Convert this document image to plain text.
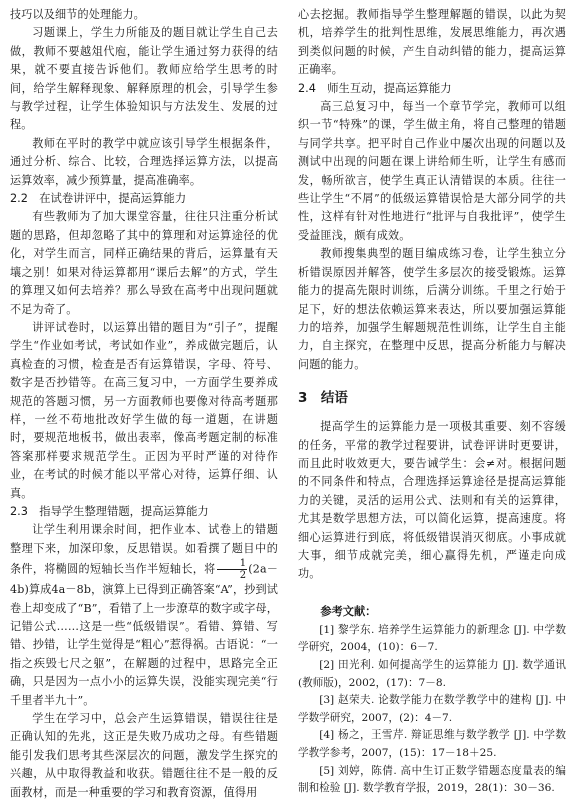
技巧以及细节的处理能力。

习题课上，学生力所能及的题目就让学生自己去做，教师不要越俎代庖，能让学生通过努力获得的结果，就不要直接告诉他们。教师应给学生思考的时间，给学生解释现象、解释原理的机会，引导学生参与教学过程，让学生体验知识与方法发生、发展的过程。

教师在平时的教学中就应该引导学生根据条件，通过分析、综合、比较，合理选择运算方法，以提高运算效率，减少预算量，提高准确率。

2.2　在试卷讲评中，提高运算能力

有些教师为了加大课堂容量，往往只注重分析试题的思路，但却忽略了其中的算理和对运算途径的优化，对学生而言，同样正确结果的背后，运算量有天壤之别！如果对待运算都用“课后去解”的方式，学生的算理又如何去培养？那么导致在高考中出现问题就不足为奇了。

讲评试卷时，以运算出错的题目为“引子”，提醒学生“作业如考试，考试如作业”，养成做完题后，认真检查的习惯，检查是否有运算错误，字母、符号、数字是否抄错等。在高三复习中，一方面学生要养成规范的答题习惯，另一方面教师也要像对待高考题那样，一丝不苟地批改好学生做的每一道题，在讲题时，要规范地板书，做出表率，像高考题定制的标准答案那样要求规范学生。正因为平时严谨的对待作业，在考试的时候才能以平常心对待，运算仔细、认真。

2.3　指导学生整理错题，提高运算能力

让学生利用课余时间，把作业本、试卷上的错题整理下来，加深印象，反思错误。如看撰了题目中的条件，将椭圆的短轴长当作半短轴长，将 $\frac{1}{2} (2a-4b)$算成4a－8b，演算上已得到正确答案“A”，抄到试卷上却变成了“B”，看错了上一步潦草的数字或字母，记错公式……这是一些“低级错误”。看错、算错、写错、抄错，让学生觉得是“粗心”惹得祸。古语说：“一指之疾毁七尺之躯”，在解题的过程中，思路完全正确，只是因为一点小小的运算失误，没能实现完美“行千里者半九十”。

学生在学习中，总会产生运算错误，错误往往是正确认知的先兆，这正是失败乃成功之母。有些错题能引发我们思考其些深层次的问题，激发学生探究的兴趣，从中取得教益和收获。错题往往不是一般的反面教材，而是一种重要的学习和教育资源，值得用

心去挖掘。教师指导学生整理解题的错误，以此为契机，培养学生的批判性思维，发展思维能力，再次遇到类似问题的时候，产生自动纠错的能力，提高运算正确率。

2.4　师生互动，提高运算能力

高三总复习中，每当一个章节学完，教师可以组织一节“特殊”的课，学生做主角，将自己整理的错题与同学共享。把平时自己作业中屡次出现的问题以及测试中出现的问题在课上讲给师生听，让学生有感而发，畅所欲言，使学生真正认清错误的本质。往往一些让学生“不屑”的低级运算错误恰是大部分同学的共性，这样有针对性地进行“批评与自我批评”，使学生受益匪浅，颇有成效。

教师搜集典型的题目编成练习卷，让学生独立分析错误原因并解答，使学生多层次的接受锻炼。运算能力的提高先限时训练，后满分训练。千里之行始于足下，好的想法依赖运算来表达，所以要加强运算能力的培养，加强学生解题规范性训练，让学生自主能力，自主探究，在整理中反思，提高分析能力与解决问题的能力。

3　结语

提高学生的运算能力是一项极其重要、刻不容缓的任务，平常的教学过程要讲，试卷评讲时更要讲，而且此时收效更大，要告诫学生：会≠对。根据问题的不同条件和特点，合理选择运算途径是提高运算能力的关键，灵活的运用公式、法则和有关的运算律，尤其是数学思想方法，可以简化运算，提高速度。将细心运算进行到底，将低级错误消灭彻底。小事成就大事，细节成就完美，细心赢得先机，严谨走向成功。

参考文献：
[1] 黎学东. 培养学生运算能力的新理念 [J]. 中学数学研究，2004，(10)：6－7.
[2] 田光利. 如何提高学生的运算能力 [J]. 数学通讯(教师版)，2002，(17)：7－8.
[3] 赵荣夫. 论数学能力在数学教学中的建构 [J]. 中学数学研究，2007，(2)：4－7.
[4] 杨之，王雪芹. 辩证思维与数学教学 [J]. 中学数学教学参考，2007，(15)：17－18＋25.
[5] 刘婷，陈倩. 高中生订正数学错题态度量表的编制和检验 [J]. 数学教育学报，2019，28(1)：30－36.
